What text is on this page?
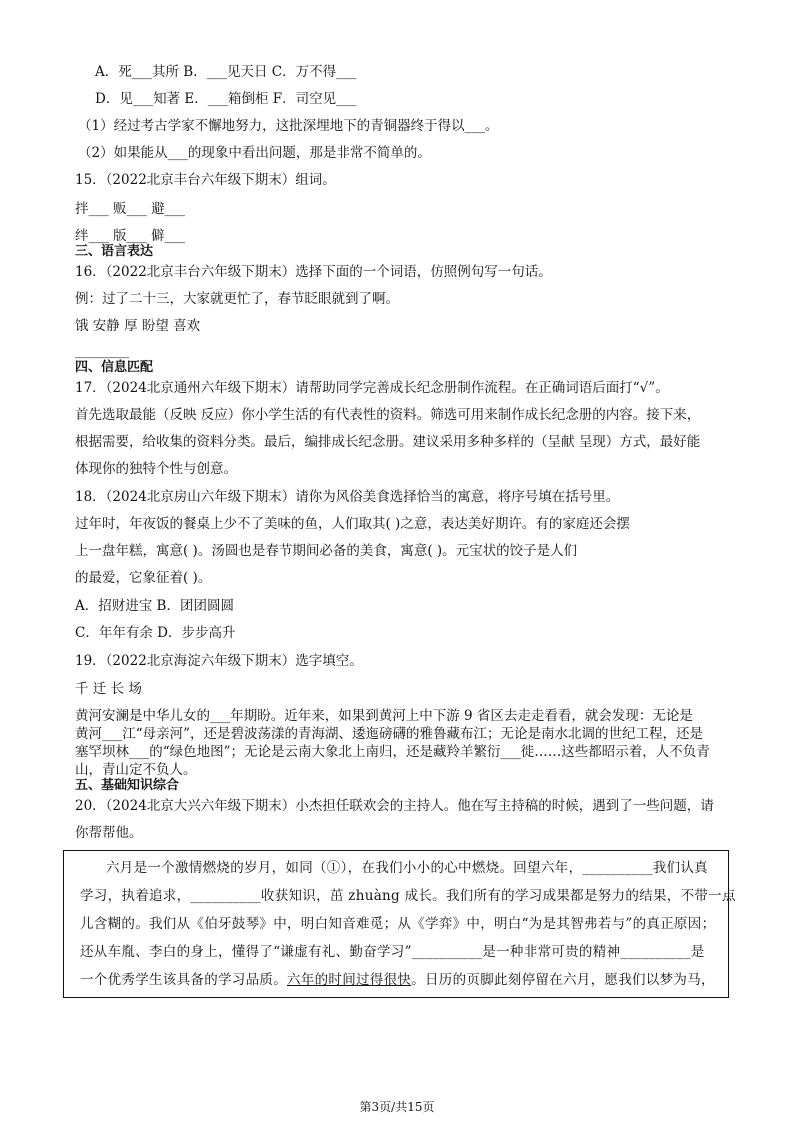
A．死___其所 B．___见天日 C．万不得___
D．见___知著 E．___箱倒柜 F．司空见___
（1）经过考古学家不懈地努力，这批深埋地下的青铜器终于得以___。
（2）如果能从___的现象中看出问题，那是非常不简单的。
15．（2022北京丰台六年级下期末）组词。
拌___ 贩___ 避___
绊___ 版___ 僻___
三、语言表达
16．（2022北京丰台六年级下期末）选择下面的一个词语，仿照例句写一句话。
例：过了二十三，大家就更忙了，春节眨眼就到了啊。
饿 安静 厚 盼望 喜欢
________
四、信息匹配
17．（2024北京通州六年级下期末）请帮助同学完善成长纪念册制作流程。在正确词语后面打“√”。
首先选取最能（反映 反应）你小学生活的有代表性的资料。筛选可用来制作成长纪念册的内容。接下来，
根据需要，给收集的资料分类。最后，编排成长纪念册。建议采用多种多样的（呈献 呈现）方式，最好能
体现你的独特个性与创意。
18．（2024北京房山六年级下期末）请你为风俗美食选择恰当的寓意，将序号填在括号里。
过年时，年夜饭的餐桌上少不了美味的鱼，人们取其( )之意，表达美好期许。有的家庭还会摆
上一盘年糕，寓意( )。汤圆也是春节期间必备的美食，寓意( )。元宝状的饺子是人们
的最爱，它象征着( )。
A．招财进宝 B．团团圆圆
C．年年有余 D．步步高升
19．（2022北京海淀六年级下期末）选字填空。
千 迁 长 场
黄河安澜是中华儿女的___年期盼。近年来，如果到黄河上中下游 9 省区去走走看看，就会发现：无论是
黄河___江“母亲河”，还是碧波荡漾的青海湖、逶迤磅礴的雅鲁藏布江；无论是南水北调的世纪工程，还是
塞罕坝林___的“绿色地图”；无论是云南大象北上南归，还是藏羚羊繁衍___徙……这些都昭示着，人不负青
山，青山定不负人。
五、基础知识综合
20．（2024北京大兴六年级下期末）小杰担任联欢会的主持人。他在写主持稿的时候，遇到了一些问题，请
你帮帮他。
六月是一个激情燃烧的岁月，如同（①），在我们小小的心中燃烧。回望六年，__________我们认真
学习，执着追求，__________收获知识，茁 zhuàng 成长。我们所有的学习成果都是努力的结果，不带一点
儿含糊的。我们从《伯牙鼓琴》中，明白知音难觅；从《学弈》中，明白“为是其智弗若与”的真正原因；
还从车胤、李白的身上，懂得了“谦虚有礼、勤奋学习”__________是一种非常可贵的精神__________是
一个优秀学生该具备的学习品质。六年的时间过得很快。日历的页脚此刻停留在六月，愿我们以梦为马，
第3页/共15页
